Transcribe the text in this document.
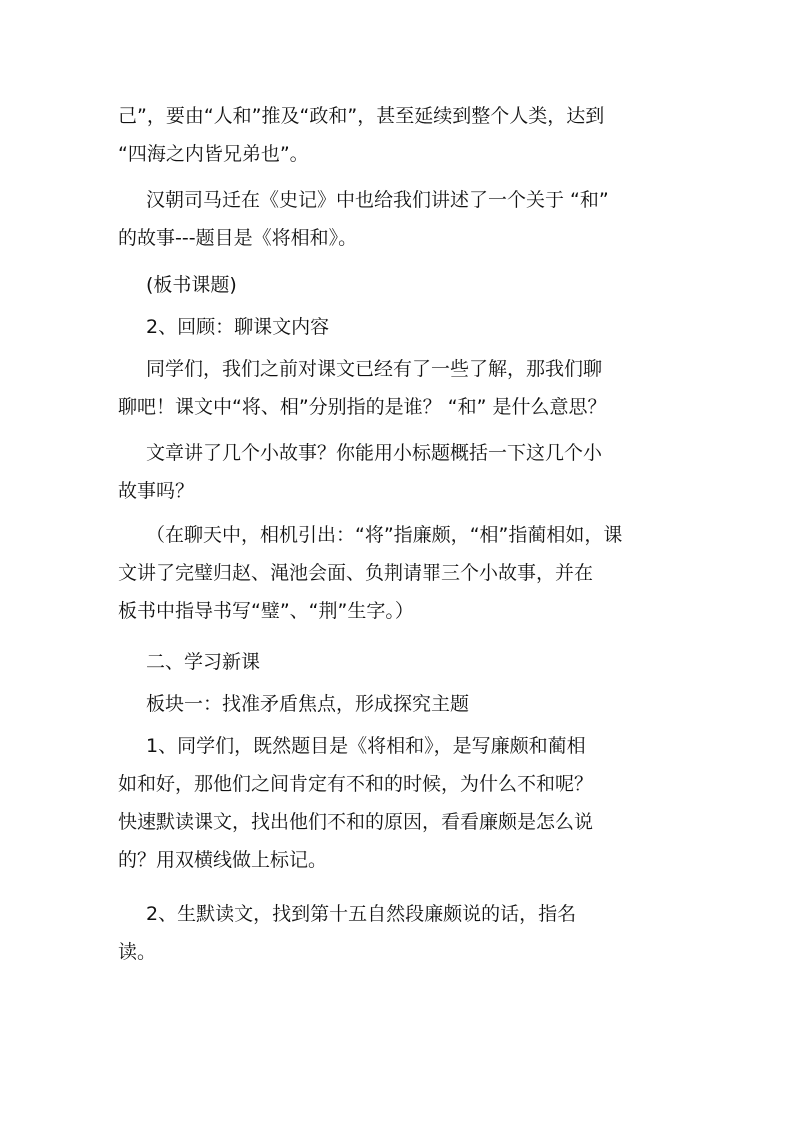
己”，要由“人和”推及“政和”，甚至延续到整个人类，达到
“四海之内皆兄弟也”。

汉朝司马迁在《史记》中也给我们讲述了一个关于 “和”
的故事---题目是《将相和》。

(板书课题)

2、回顾：聊课文内容

同学们，我们之前对课文已经有了一些了解，那我们聊
聊吧！课文中“将、相”分别指的是谁？ “和” 是什么意思？

文章讲了几个小故事？你能用小标题概括一下这几个小
故事吗？

（在聊天中，相机引出：“将”指廉颇，“相”指蔺相如，课
文讲了完璧归赵、渑池会面、负荆请罪三个小故事，并在
板书中指导书写“璧”、“荆”生字。）

二、学习新课

板块一：找准矛盾焦点，形成探究主题

1、同学们，既然题目是《将相和》，是写廉颇和蔺相
如和好，那他们之间肯定有不和的时候，为什么不和呢？
快速默读课文，找出他们不和的原因，看看廉颇是怎么说
的？用双横线做上标记。

2、生默读文，找到第十五自然段廉颇说的话，指名
读。
